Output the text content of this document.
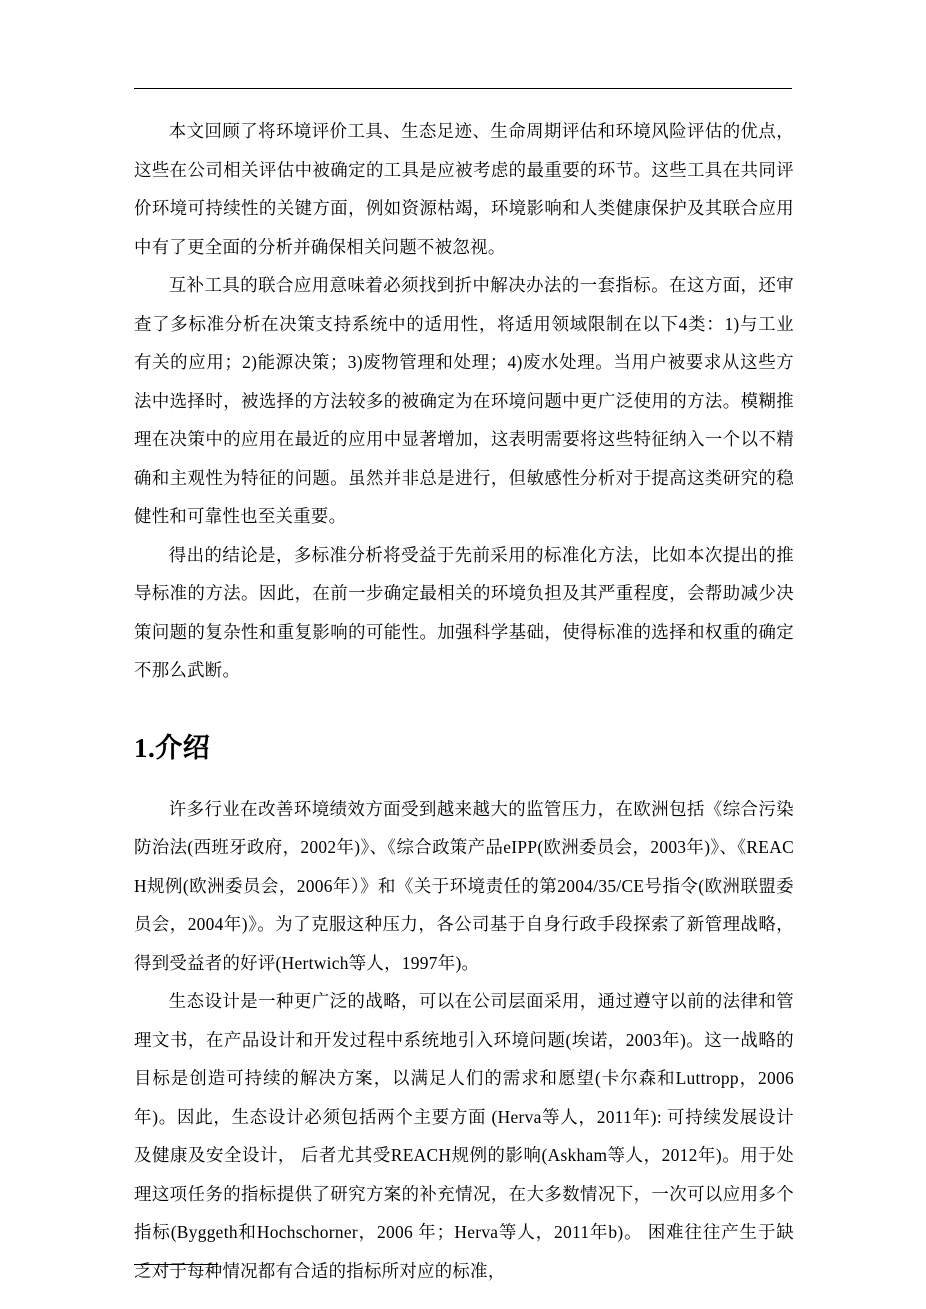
本文回顾了将环境评价工具、生态足迹、生命周期评估和环境风险评估的优点，这些在公司相关评估中被确定的工具是应被考虑的最重要的环节。这些工具在共同评价环境可持续性的关键方面，例如资源枯竭，环境影响和人类健康保护及其联合应用中有了更全面的分析并确保相关问题不被忽视。

互补工具的联合应用意味着必须找到折中解决办法的一套指标。在这方面，还审查了多标准分析在决策支持系统中的适用性，将适用领域限制在以下4类：1)与工业有关的应用；2)能源决策；3)废物管理和处理；4)废水处理。当用户被要求从这些方法中选择时，被选择的方法较多的被确定为在环境问题中更广泛使用的方法。模糊推理在决策中的应用在最近的应用中显著增加，这表明需要将这些特征纳入一个以不精确和主观性为特征的问题。虽然并非总是进行，但敏感性分析对于提高这类研究的稳健性和可靠性也至关重要。

得出的结论是，多标准分析将受益于先前采用的标准化方法，比如本次提出的推导标准的方法。因此，在前一步确定最相关的环境负担及其严重程度，会帮助减少决策问题的复杂性和重复影响的可能性。加强科学基础，使得标准的选择和权重的确定不那么武断。

1.介绍

许多行业在改善环境绩效方面受到越来越大的监管压力，在欧洲包括《综合污染防治法(西班牙政府，2002年)》、《综合政策产品eIPP(欧洲委员会，2003年)》、《REACH规例(欧洲委员会，2006年）》和《关于环境责任的第2004/35/CE号指令(欧洲联盟委员会，2004年)》。为了克服这种压力，各公司基于自身行政手段探索了新管理战略，得到受益者的好评(Hertwich等人，1997年)。

生态设计是一种更广泛的战略，可以在公司层面采用，通过遵守以前的法律和管理文书，在产品设计和开发过程中系统地引入环境问题(埃诺，2003年)。这一战略的目标是创造可持续的解决方案，以满足人们的需求和愿望(卡尔森和Luttropp，2006年)。因此，生态设计必须包括两个主要方面 (Herva等人，2011年): 可持续发展设计及健康及安全设计， 后者尤其受REACH规例的影响(Askham等人，2012年)。用于处理这项任务的指标提供了研究方案的补充情况，在大多数情况下，一次可以应用多个指标(Byggeth和Hochschorner，2006 年；Herva等人，2011年b)。 困难往往产生于缺乏对于每种情况都有合适的指标所对应的标准，
